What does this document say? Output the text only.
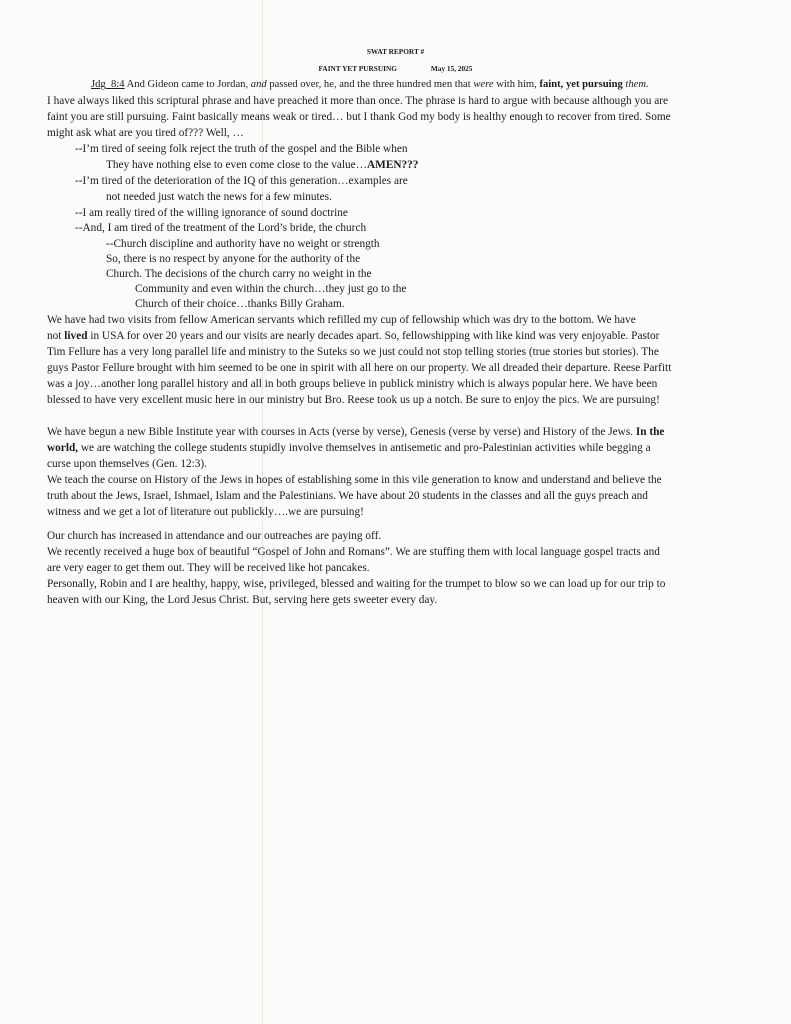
SWAT REPORT #

FAINT YET PURSUING	May 15, 2025

Jdg_8:4 And Gideon came to Jordan, and passed over, he, and the three hundred men that were with him, faint, yet pursuing them.

I have always liked this scriptural phrase and have preached it more than once. The phrase is hard to argue with because although you are

faint you are still pursuing. Faint basically means weak or tired… but I thank God my body is healthy enough to recover from tired. Some

might ask what are you tired of??? Well, …

--I’m tired of seeing folk reject the truth of the gospel and the Bible when

They have nothing else to even come close to the value…AMEN???

--I’m tired of the deterioration of the IQ of this generation…examples are

not needed just watch the news for a few minutes.

--I am really tired of the willing ignorance of sound doctrine

--And, I am tired of the treatment of the Lord’s bride, the church

--Church discipline and authority have no weight or strength

So, there is no respect by anyone for the authority of the

Church. The decisions of the church carry no weight in the

Community and even within the church…they just go to the

Church of their choice…thanks Billy Graham.

We have had two visits from fellow American servants which refilled my cup of fellowship which was dry to the bottom. We have

not lived in USA for over 20 years and our visits are nearly decades apart. So, fellowshipping with like kind was very enjoyable. Pastor

Tim Fellure has a very long parallel life and ministry to the Suteks so we just could not stop telling stories (true stories but stories). The

guys Pastor Fellure brought with him seemed to be one in spirit with all here on our property. We all dreaded their departure. Reese Parfitt

was a joy…another long parallel history and all in both groups believe in publick ministry which is always popular here. We have been

blessed to have very excellent music here in our ministry but Bro. Reese took us up a notch. Be sure to enjoy the pics. We are pursuing!

We have begun a new Bible Institute year with courses in Acts (verse by verse), Genesis (verse by verse) and History of the Jews. In the

world, we are watching the college students stupidly involve themselves in antisemetic and pro-Palestinian activities while begging a

curse upon themselves (Gen. 12:3).

We teach the course on History of the Jews in hopes of establishing some in this vile generation to know and understand and believe the

truth about the Jews, Israel, Ishmael, Islam and the Palestinians. We have about 20 students in the classes and all the guys preach and

witness and we get a lot of literature out publickly….we are pursuing!

Our church has increased in attendance and our outreaches are paying off.

We recently received a huge box of beautiful “Gospel of John and Romans”. We are stuffing them with local language gospel tracts and

are very eager to get them out. They will be received like hot pancakes.

Personally, Robin and I are healthy, happy, wise, privileged, blessed and waiting for the trumpet to blow so we can load up for our trip to

heaven with our King, the Lord Jesus Christ. But, serving here gets sweeter every day.
